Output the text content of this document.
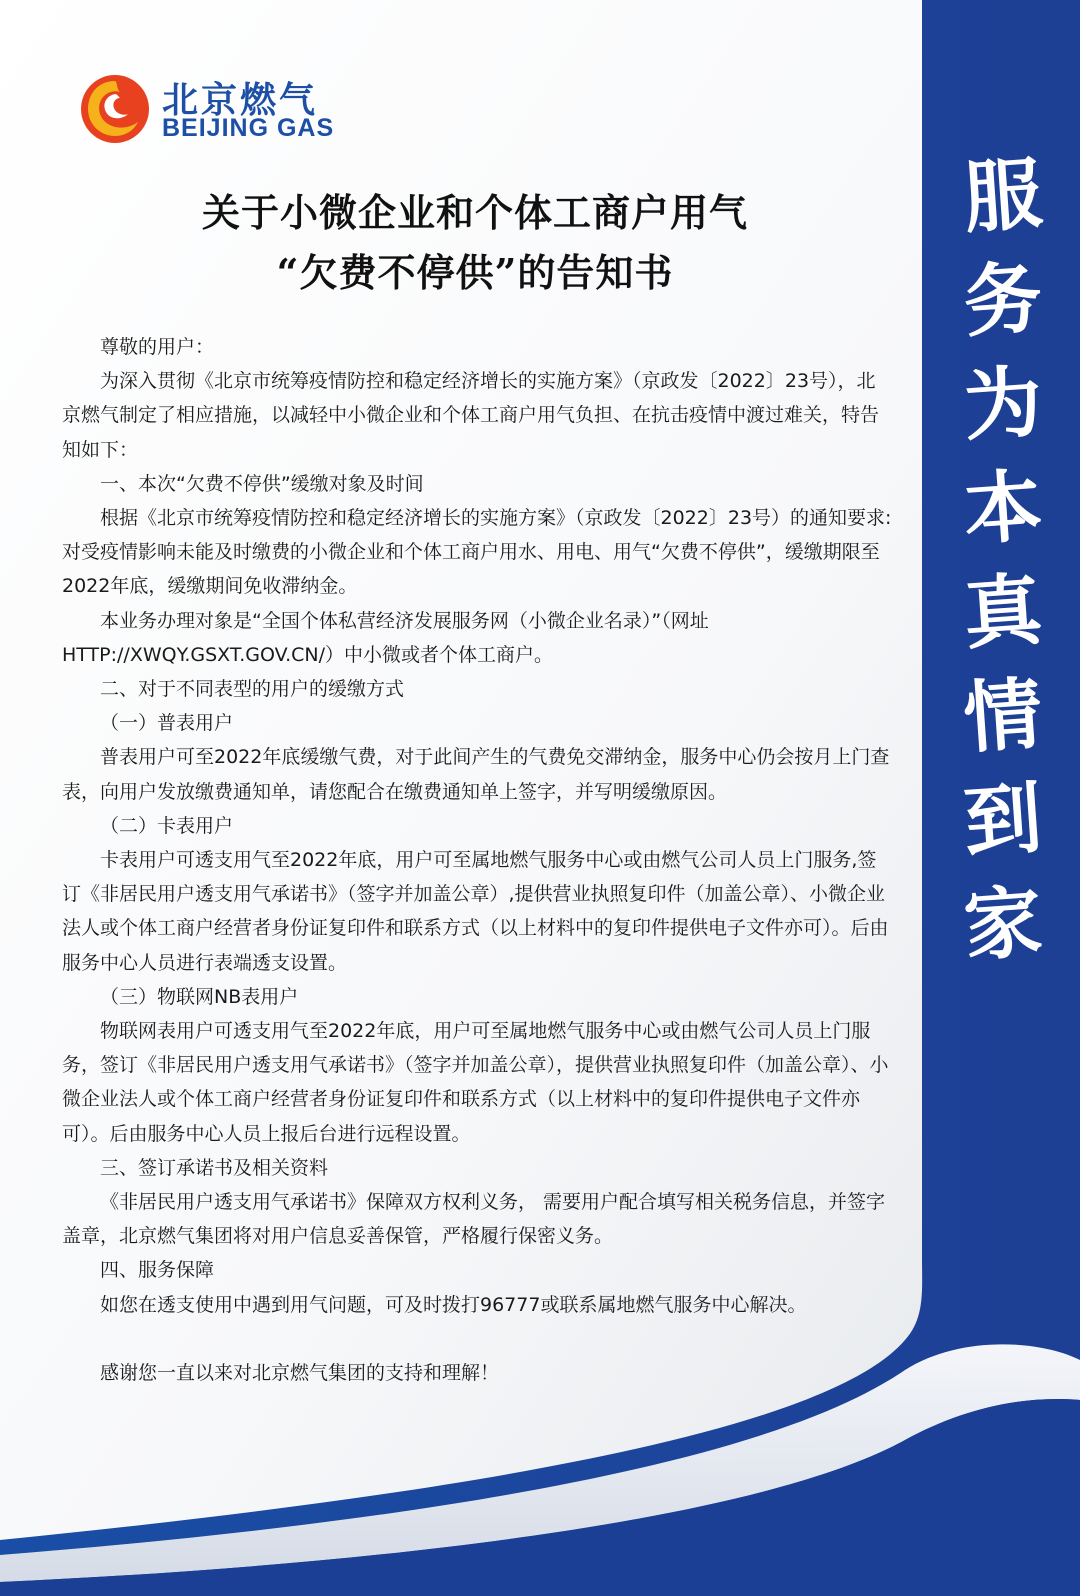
北京燃气
BEIJING GAS
关于小微企业和个体工商户用气
“欠费不停供”的告知书
服
务
为
本
真
情
到
家

尊敬的用户：

为深入贯彻《北京市统筹疫情防控和稳定经济增长的实施方案》（京政发〔2022〕23号），北京燃气制定了相应措施，以减轻中小微企业和个体工商户用气负担、在抗击疫情中渡过难关，特告知如下：

一、本次“欠费不停供”缓缴对象及时间

根据《北京市统筹疫情防控和稳定经济增长的实施方案》（京政发〔2022〕23号）的通知要求:对受疫情影响未能及时缴费的小微企业和个体工商户用水、用电、用气“欠费不停供”，缓缴期限至2022年底，缓缴期间免收滞纳金。

本业务办理对象是“全国个体私营经济发展服务网（小微企业名录）”（网址HTTP://XWQY.GSXT.GOV.CN/）中小微或者个体工商户。

二、对于不同表型的用户的缓缴方式

（一）普表用户

普表用户可至2022年底缓缴气费，对于此间产生的气费免交滞纳金，服务中心仍会按月上门查表，向用户发放缴费通知单，请您配合在缴费通知单上签字，并写明缓缴原因。

（二）卡表用户

卡表用户可透支用气至2022年底，用户可至属地燃气服务中心或由燃气公司人员上门服务,签订《非居民用户透支用气承诺书》（签字并加盖公章）,提供营业执照复印件（加盖公章）、小微企业法人或个体工商户经营者身份证复印件和联系方式（以上材料中的复印件提供电子文件亦可）。后由服务中心人员进行表端透支设置。

（三）物联网NB表用户

物联网表用户可透支用气至2022年底，用户可至属地燃气服务中心或由燃气公司人员上门服务，签订《非居民用户透支用气承诺书》（签字并加盖公章），提供营业执照复印件（加盖公章）、小微企业法人或个体工商户经营者身份证复印件和联系方式（以上材料中的复印件提供电子文件亦可）。后由服务中心人员上报后台进行远程设置。

三、签订承诺书及相关资料

《非居民用户透支用气承诺书》保障双方权利义务， 需要用户配合填写相关税务信息，并签字盖章，北京燃气集团将对用户信息妥善保管，严格履行保密义务。

四、服务保障

如您在透支使用中遇到用气问题，可及时拨打96777或联系属地燃气服务中心解决。

感谢您一直以来对北京燃气集团的支持和理解！
